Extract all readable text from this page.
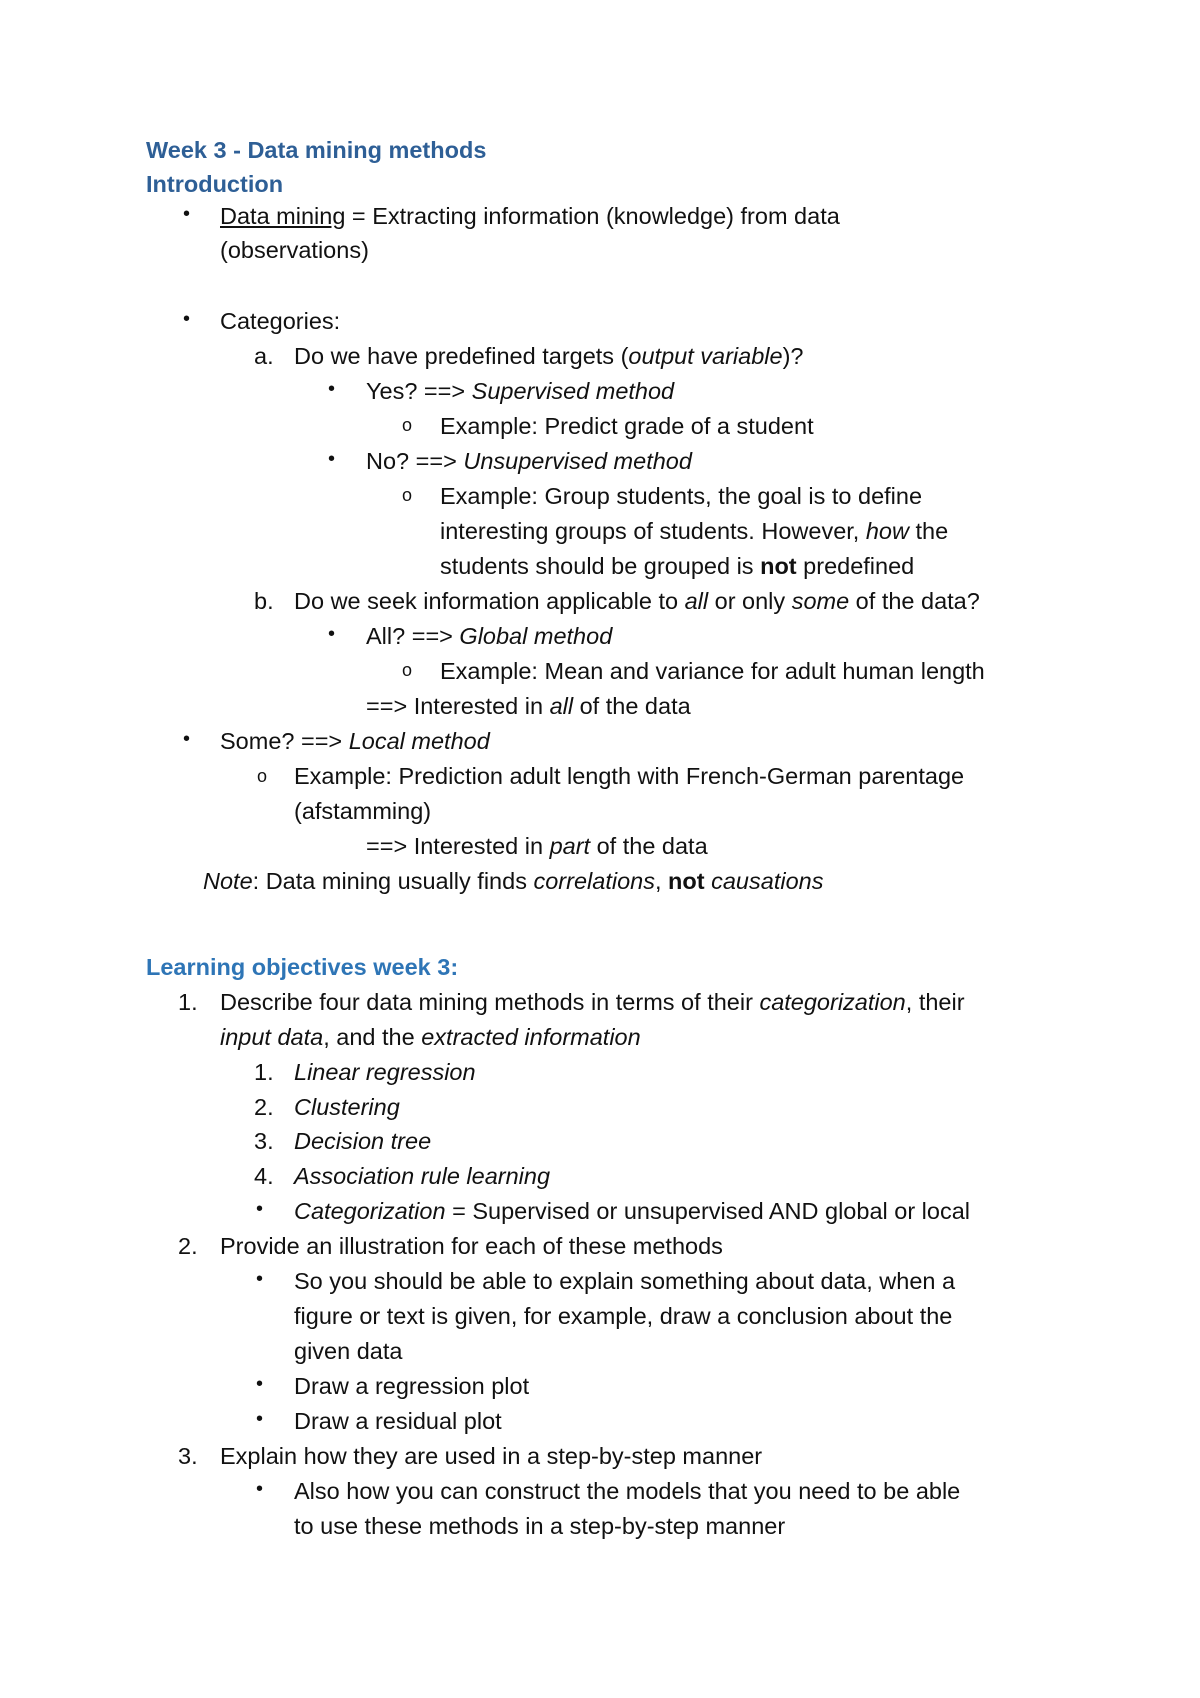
Week 3 - Data mining methods
Introduction
• Data mining = Extracting information (knowledge) from data
(observations)
• Categories:
a. Do we have predefined targets (output variable)?
• Yes? ==> Supervised method
o Example: Predict grade of a student
• No? ==> Unsupervised method
o Example: Group students, the goal is to define
interesting groups of students. However, how the
students should be grouped is not predefined
b. Do we seek information applicable to all or only some of the data?
• All? ==> Global method
o Example: Mean and variance for adult human length
==> Interested in all of the data
• Some? ==> Local method
o Example: Prediction adult length with French-German parentage
(afstamming)
==> Interested in part of the data
Note: Data mining usually finds correlations, not causations
Learning objectives week 3:
1. Describe four data mining methods in terms of their categorization, their
input data, and the extracted information
1. Linear regression
2. Clustering
3. Decision tree
4. Association rule learning
• Categorization = Supervised or unsupervised AND global or local
2. Provide an illustration for each of these methods
• So you should be able to explain something about data, when a
figure or text is given, for example, draw a conclusion about the
given data
• Draw a regression plot
• Draw a residual plot
3. Explain how they are used in a step-by-step manner
• Also how you can construct the models that you need to be able
to use these methods in a step-by-step manner
